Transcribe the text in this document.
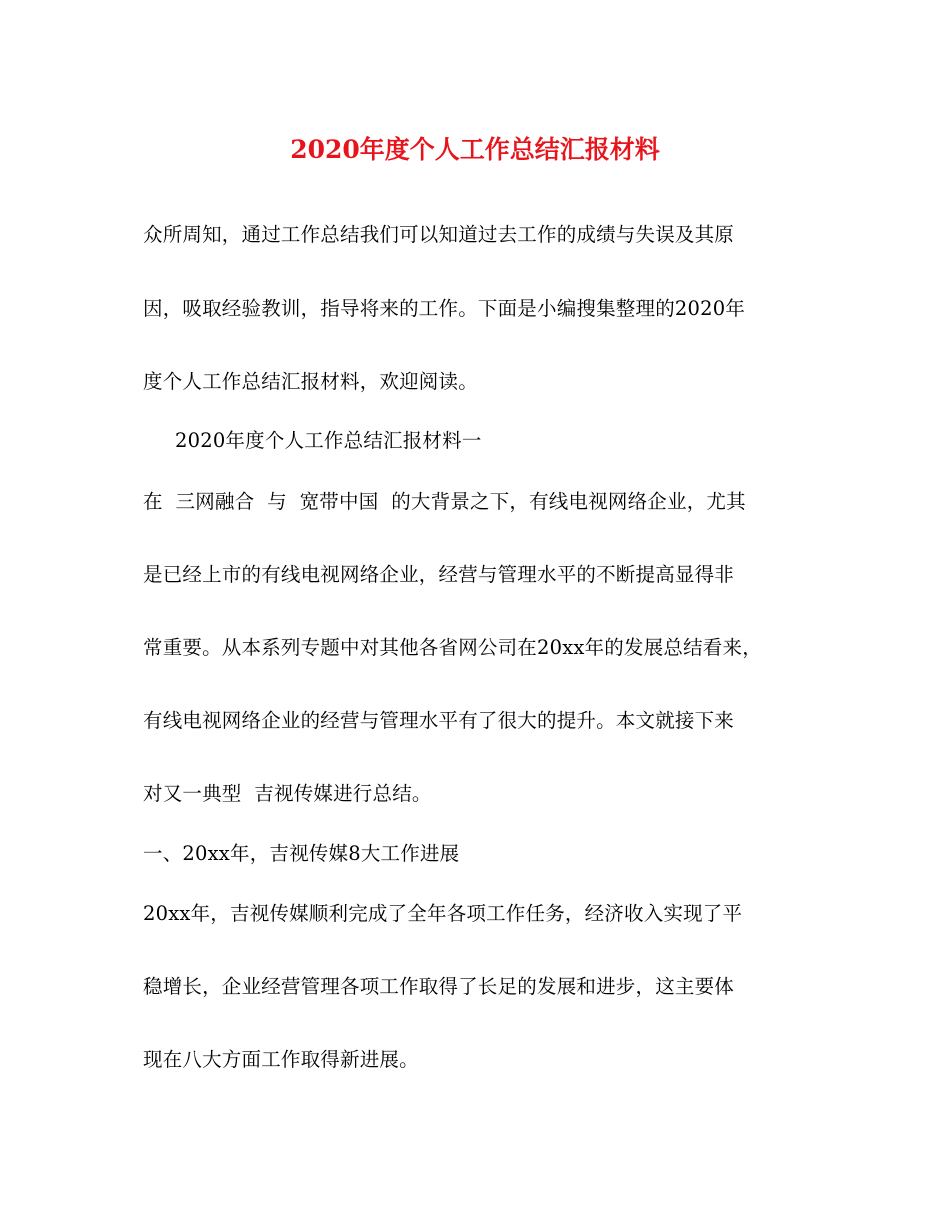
2020年度个人工作总结汇报材料
众所周知，通过工作总结我们可以知道过去工作的成绩与失误及其原
因，吸取经验教训，指导将来的工作。下面是小编搜集整理的2020年
度个人工作总结汇报材料，欢迎阅读。
2020年度个人工作总结汇报材料一
在  三网融合  与  宽带中国  的大背景之下，有线电视网络企业，尤其
是已经上市的有线电视网络企业，经营与管理水平的不断提高显得非
常重要。从本系列专题中对其他各省网公司在20xx年的发展总结看来，
有线电视网络企业的经营与管理水平有了很大的提升。本文就接下来
对又一典型  吉视传媒进行总结。
一、20xx年，吉视传媒8大工作进展
20xx年，吉视传媒顺利完成了全年各项工作任务，经济收入实现了平
稳增长，企业经营管理各项工作取得了长足的发展和进步，这主要体
现在八大方面工作取得新进展。
